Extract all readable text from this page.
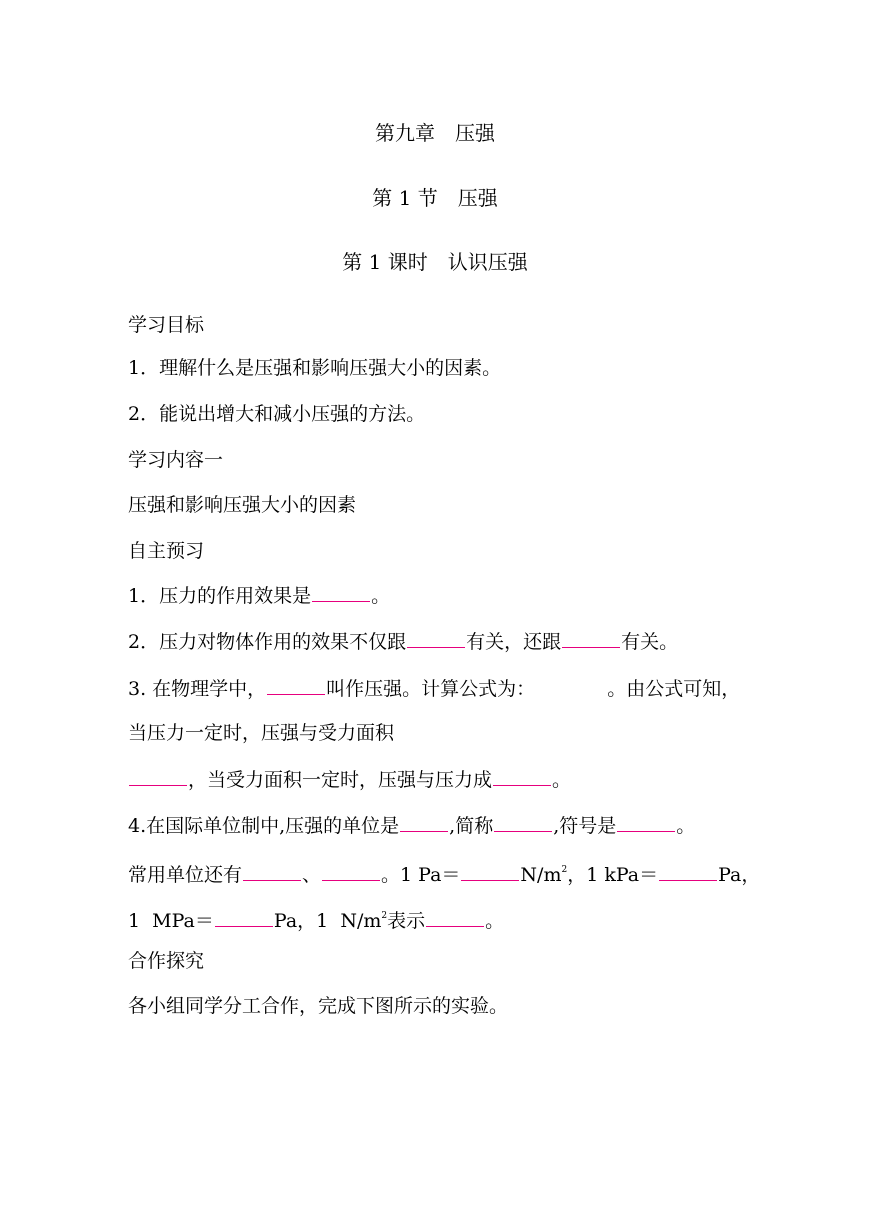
第九章　压强
第 1 节　压强
第 1 课时　认识压强
学习目标
1．理解什么是压强和影响压强大小的因素。
2．能说出增大和减小压强的方法。
学习内容一
压强和影响压强大小的因素
自主预习
1．压力的作用效果是	。
2．压力对物体作用的效果不仅跟	有关，还跟	有关。
3. 在物理学中，	叫作压强。计算公式为：	。由公式可知，
当压力一定时，压强与受力面积
，当受力面积一定时，压强与压力成	。
4.在国际单位制中,压强的单位是	,简称	,符号是	。
常用单位还有	、	。1 Pa＝	$N/m^2$，1 kPa＝	Pa，
1  MPa＝	Pa，1  $N/m^2$表示	。
合作探究
各小组同学分工合作，完成下图所示的实验。
